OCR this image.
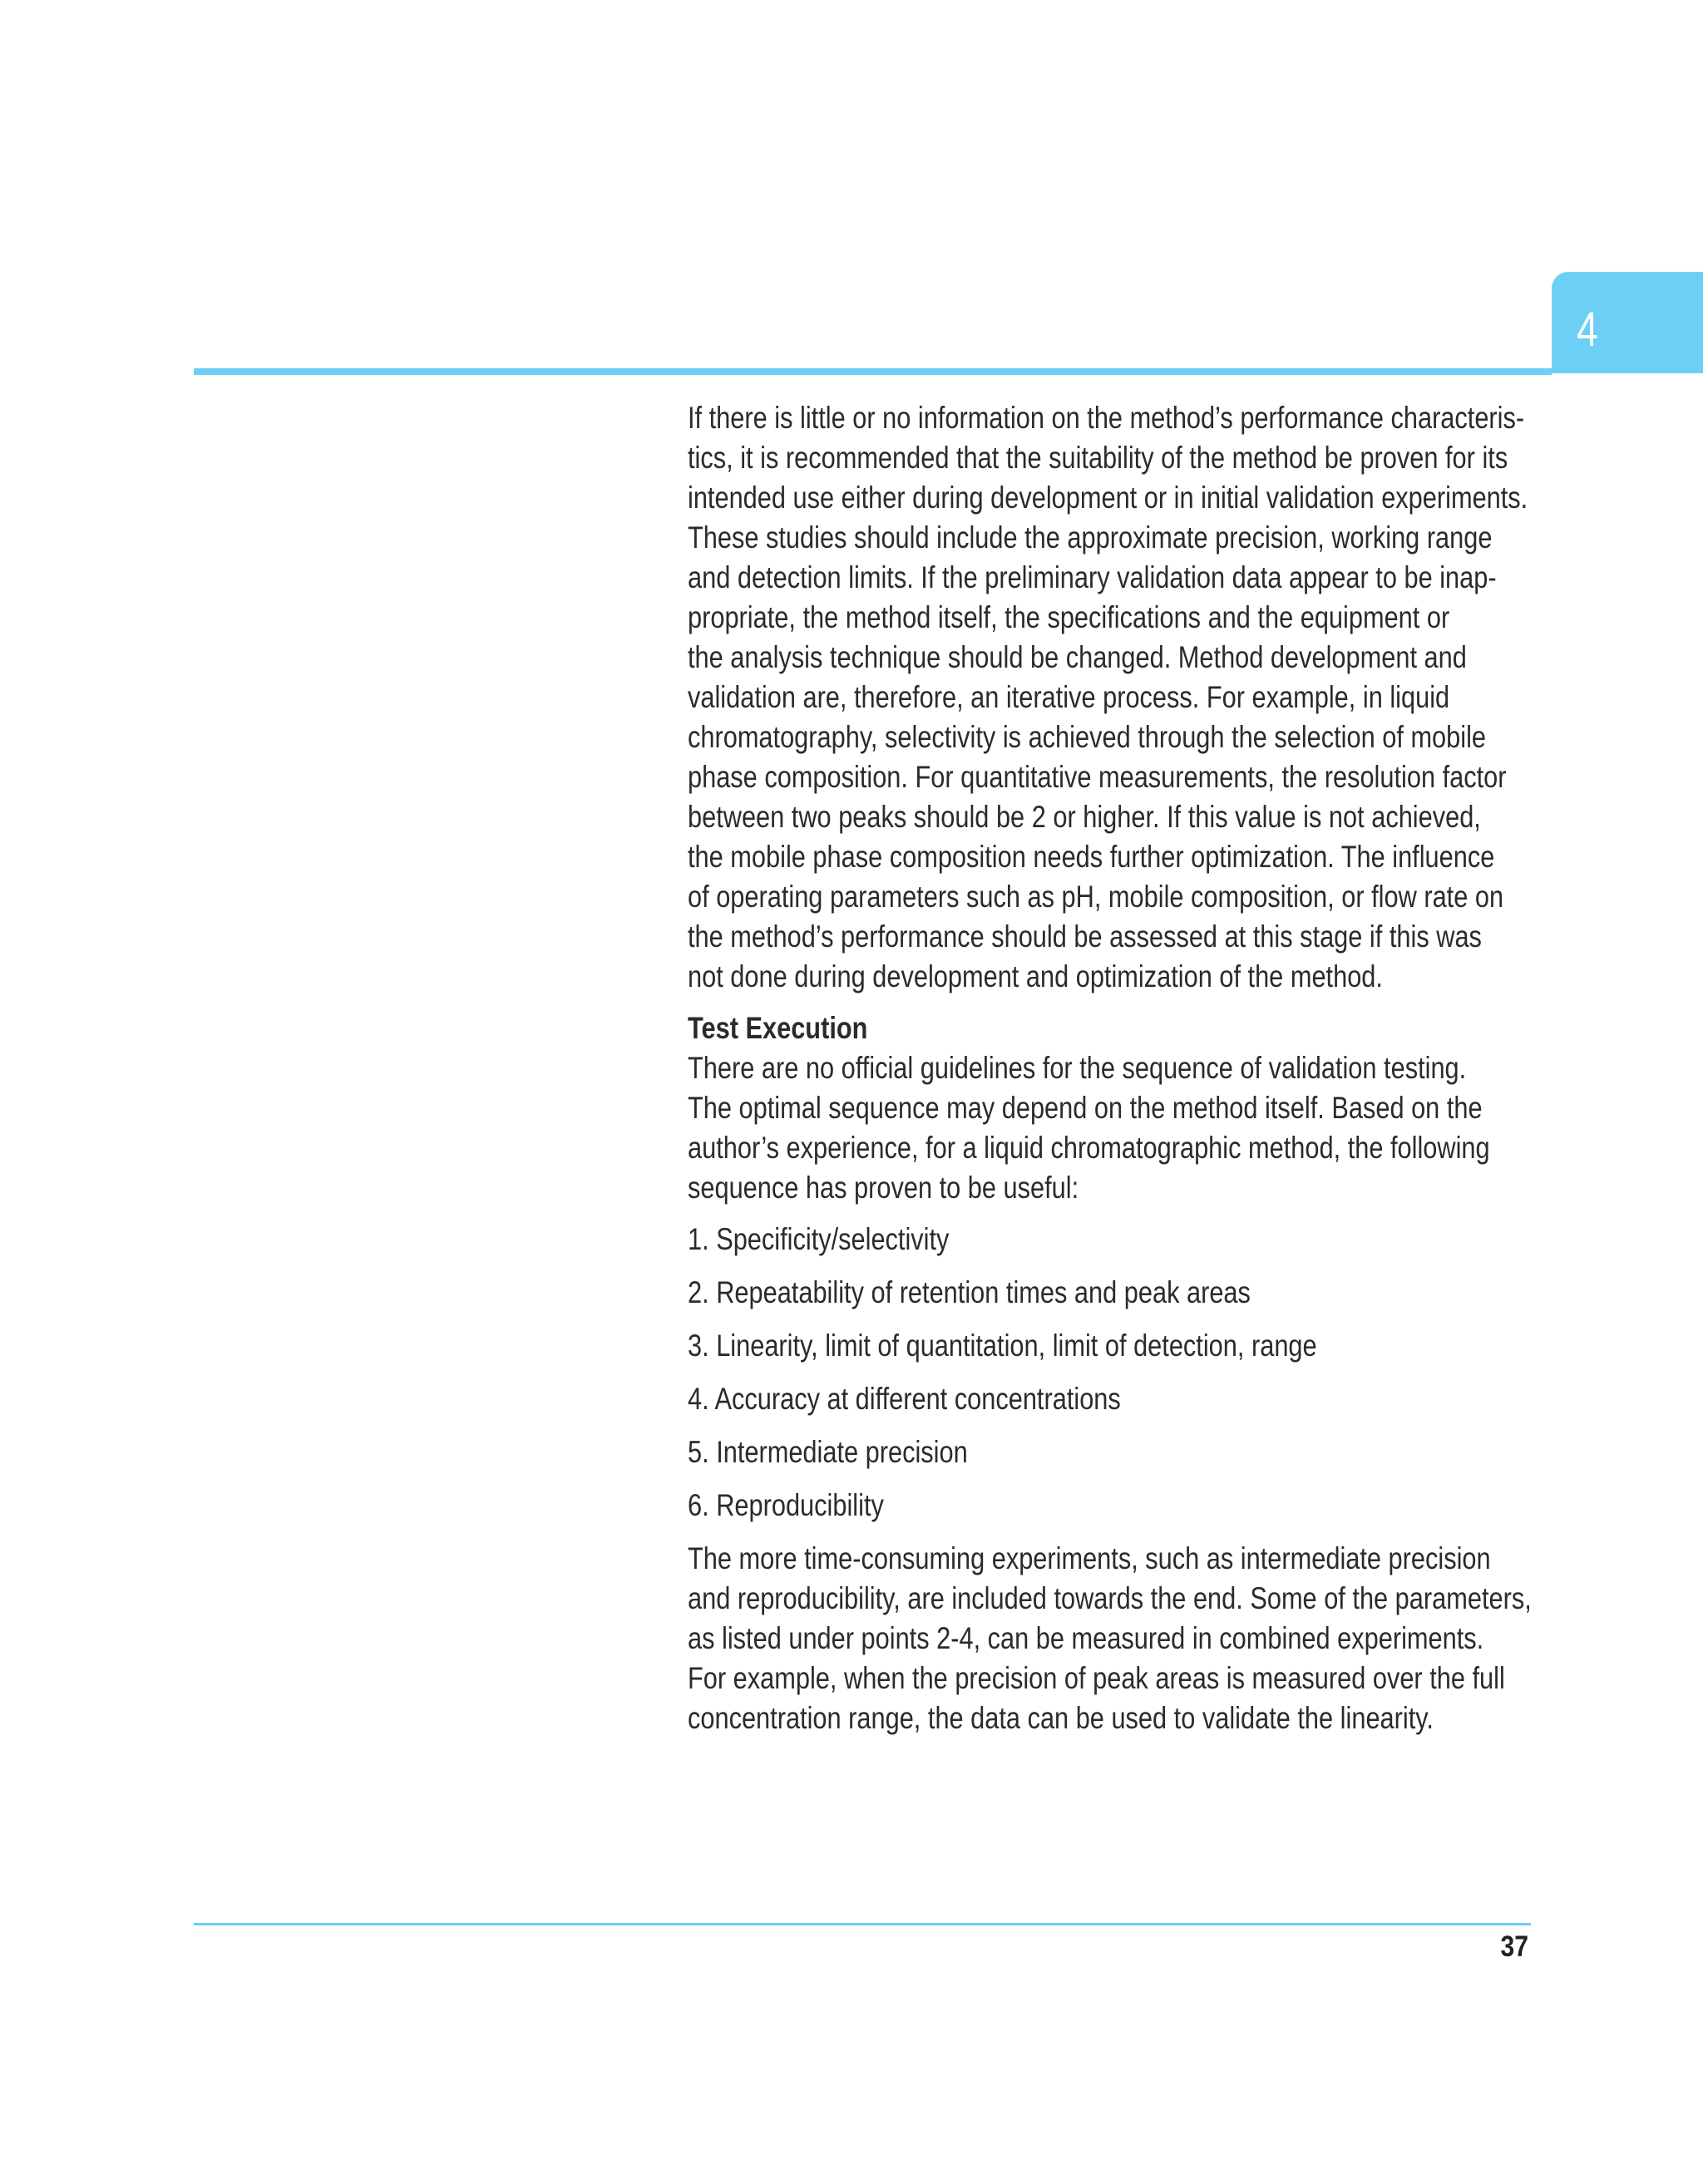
4

If there is little or no information on the method’s performance characteris-
tics, it is recommended that the suitability of the method be proven for its
intended use either during development or in initial validation experiments.
These studies should include the approximate precision, working range
and detection limits. If the preliminary validation data appear to be inap-
propriate, the method itself, the specifications and the equipment or
the analysis technique should be changed. Method development and
validation are, therefore, an iterative process. For example, in liquid
chromatography, selectivity is achieved through the selection of mobile
phase composition. For quantitative measurements, the resolution factor
between two peaks should be 2 or higher. If this value is not achieved,
the mobile phase composition needs further optimization. The influence
of operating parameters such as pH, mobile composition, or flow rate on
the method’s performance should be assessed at this stage if this was
not done during development and optimization of the method.

Test Execution

There are no official guidelines for the sequence of validation testing.
The optimal sequence may depend on the method itself. Based on the
author’s experience, for a liquid chromatographic method, the following
sequence has proven to be useful:

1. Specificity/selectivity
2. Repeatability of retention times and peak areas
3. Linearity, limit of quantitation, limit of detection, range
4. Accuracy at different concentrations
5. Intermediate precision
6. Reproducibility

The more time-consuming experiments, such as intermediate precision
and reproducibility, are included towards the end. Some of the parameters,
as listed under points 2-4, can be measured in combined experiments.
For example, when the precision of peak areas is measured over the full
concentration range, the data can be used to validate the linearity.

37
